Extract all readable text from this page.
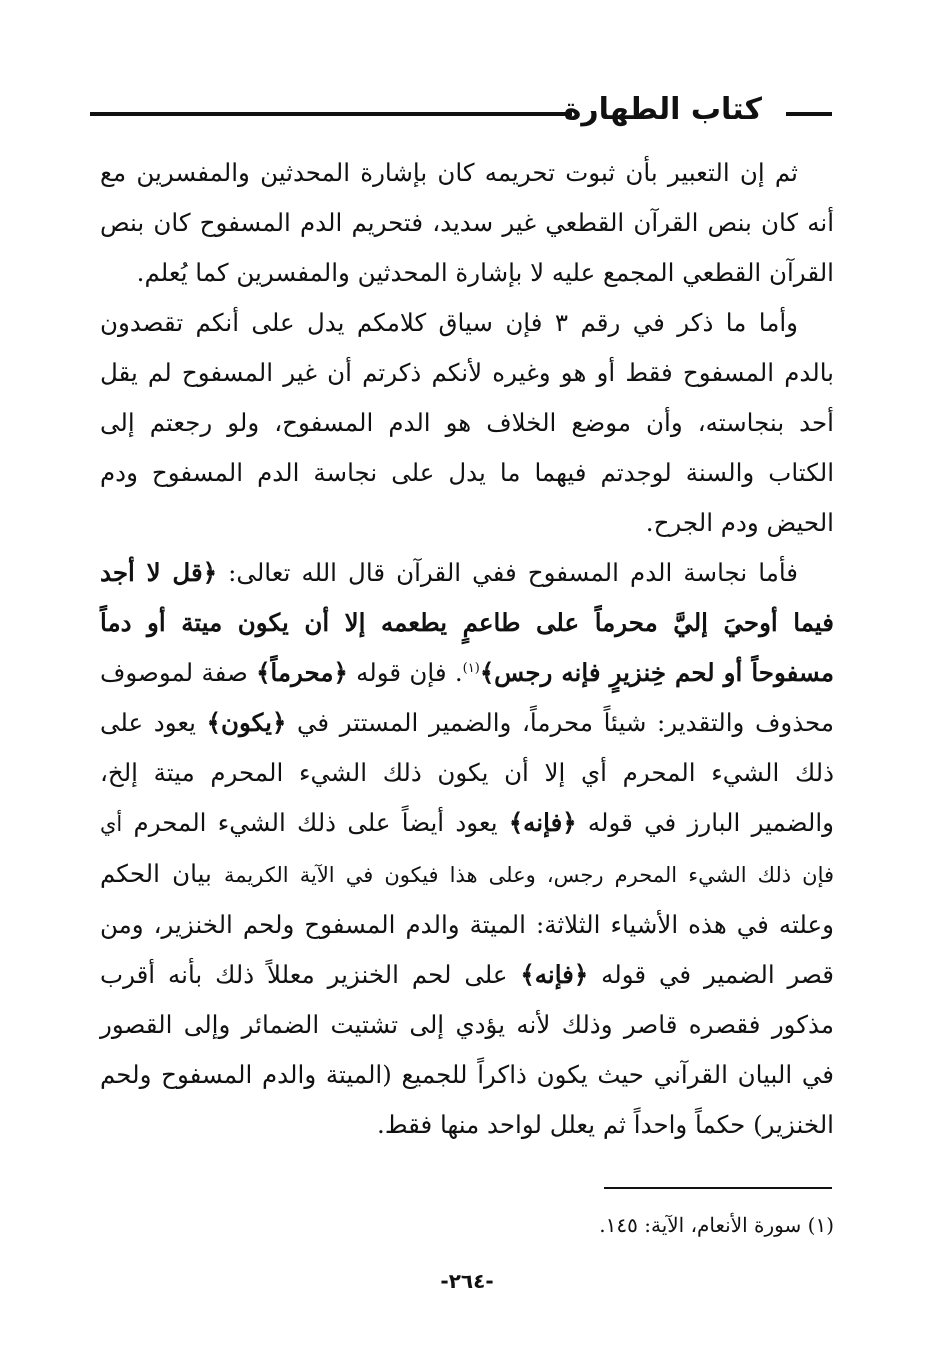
كتاب الطهارة

ثم إن التعبير بأن ثبوت تحريمه كان بإشارة المحدثين والمفسرين مع أنه كان بنص القرآن القطعي غير سديد، فتحريم الدم المسفوح كان بنص القرآن القطعي المجمع عليه لا بإشارة المحدثين والمفسرين كما يُعلم.

وأما ما ذكر في رقم ٣ فإن سياق كلامكم يدل على أنكم تقصدون بالدم المسفوح فقط أو هو وغيره لأنكم ذكرتم أن غير المسفوح لم يقل أحد بنجاسته، وأن موضع الخلاف هو الدم المسفوح، ولو رجعتم إلى الكتاب والسنة لوجدتم فيهما ما يدل على نجاسة الدم المسفوح ودم الحيض ودم الجرح.

فأما نجاسة الدم المسفوح ففي القرآن قال الله تعالى: ﴿قل لا أجد فيما أوحيَ إليَّ محرماً على طاعمٍ يطعمه إلا أن يكون ميتة أو دماً مسفوحاً أو لحم خِنزيرٍ فإنه رجس﴾$^{(١)}$. فإن قوله ﴿محرماً﴾ صفة لموصوف محذوف والتقدير: شيئاً محرماً، والضمير المستتر في ﴿يكون﴾ يعود على ذلك الشيء المحرم أي إلا أن يكون ذلك الشيء المحرم ميتة إلخ، والضمير البارز في قوله ﴿فإنه﴾ يعود أيضاً على ذلك الشيء المحرم أي فإن ذلك الشيء المحرم رجس، وعلى هذا فيكون في الآية الكريمة بيان الحكم وعلته في هذه الأشياء الثلاثة: الميتة والدم المسفوح ولحم الخنزير، ومن قصر الضمير في قوله ﴿فإنه﴾ على لحم الخنزير معللاً ذلك بأنه أقرب مذكور فقصره قاصر وذلك لأنه يؤدي إلى تشتيت الضمائر وإلى القصور في البيان القرآني حيث يكون ذاكراً للجميع (الميتة والدم المسفوح ولحم الخنزير) حكماً واحداً ثم يعلل لواحد منها فقط.

(١) سورة الأنعام، الآية: ١٤٥.
-٢٦٤-
